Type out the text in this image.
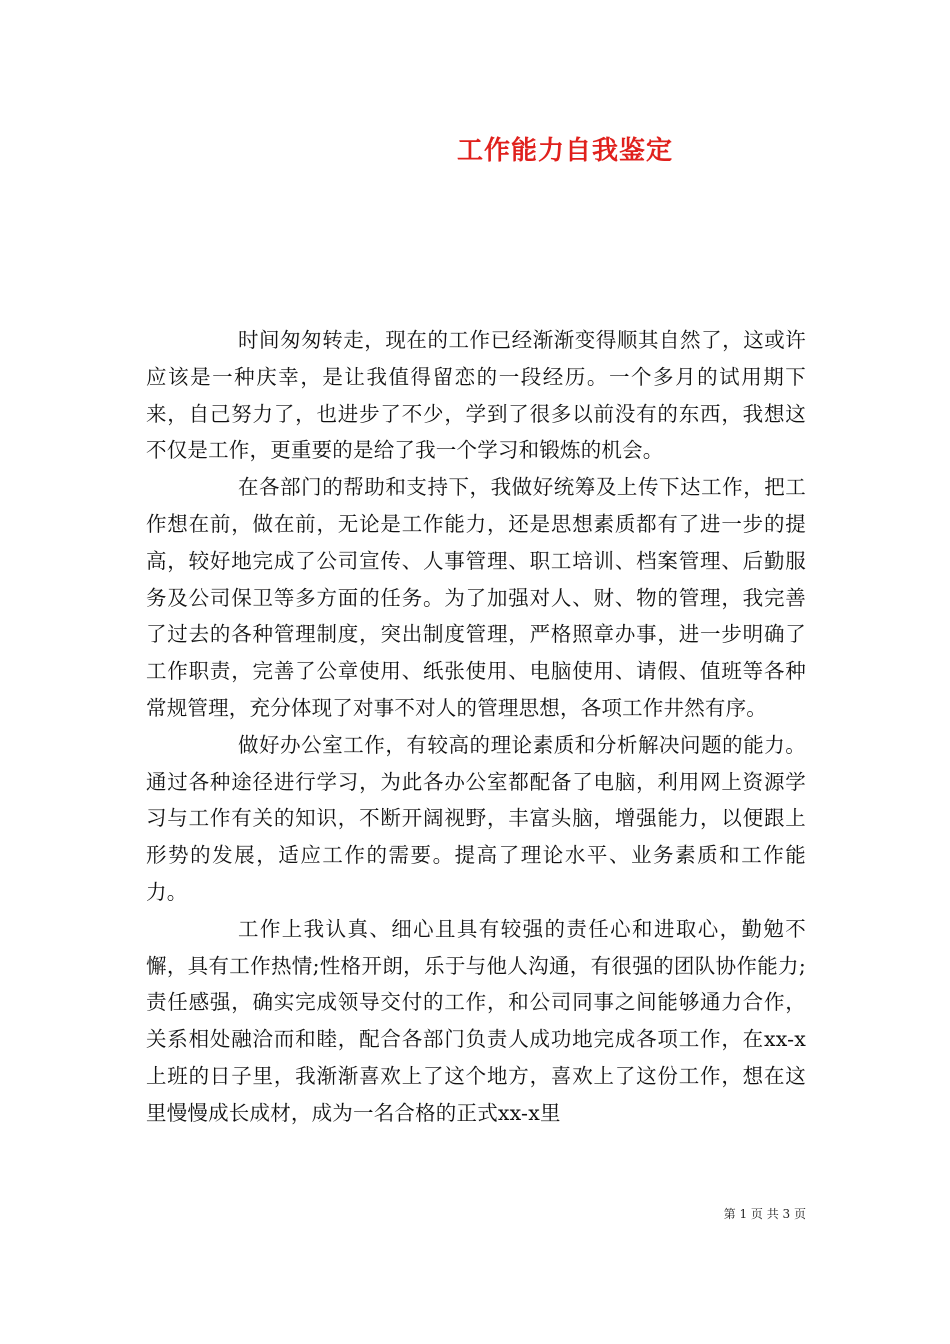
工作能力自我鉴定

时间匆匆转走，现在的工作已经渐渐变得顺其自然了，这或许应该是一种庆幸，是让我值得留恋的一段经历。一个多月的试用期下来，自己努力了，也进步了不少，学到了很多以前没有的东西，我想这不仅是工作，更重要的是给了我一个学习和锻炼的机会。

在各部门的帮助和支持下，我做好统筹及上传下达工作，把工作想在前，做在前，无论是工作能力，还是思想素质都有了进一步的提高，较好地完成了公司宣传、人事管理、职工培训、档案管理、后勤服务及公司保卫等多方面的任务。为了加强对人、财、物的管理，我完善了过去的各种管理制度，突出制度管理，严格照章办事，进一步明确了工作职责，完善了公章使用、纸张使用、电脑使用、请假、值班等各种常规管理，充分体现了对事不对人的管理思想，各项工作井然有序。

做好办公室工作，有较高的理论素质和分析解决问题的能力。通过各种途径进行学习，为此各办公室都配备了电脑，利用网上资源学习与工作有关的知识，不断开阔视野，丰富头脑，增强能力，以便跟上形势的发展，适应工作的需要。提高了理论水平、业务素质和工作能力。

工作上我认真、细心且具有较强的责任心和进取心，勤勉不懈，具有工作热情;性格开朗，乐于与他人沟通，有很强的团队协作能力;责任感强，确实完成领导交付的工作，和公司同事之间能够通力合作，关系相处融洽而和睦，配合各部门负责人成功地完成各项工作，在xx-x上班的日子里，我渐渐喜欢上了这个地方，喜欢上了这份工作，想在这里慢慢成长成材，成为一名合格的正式xx-x里

第 1 页 共 3 页
